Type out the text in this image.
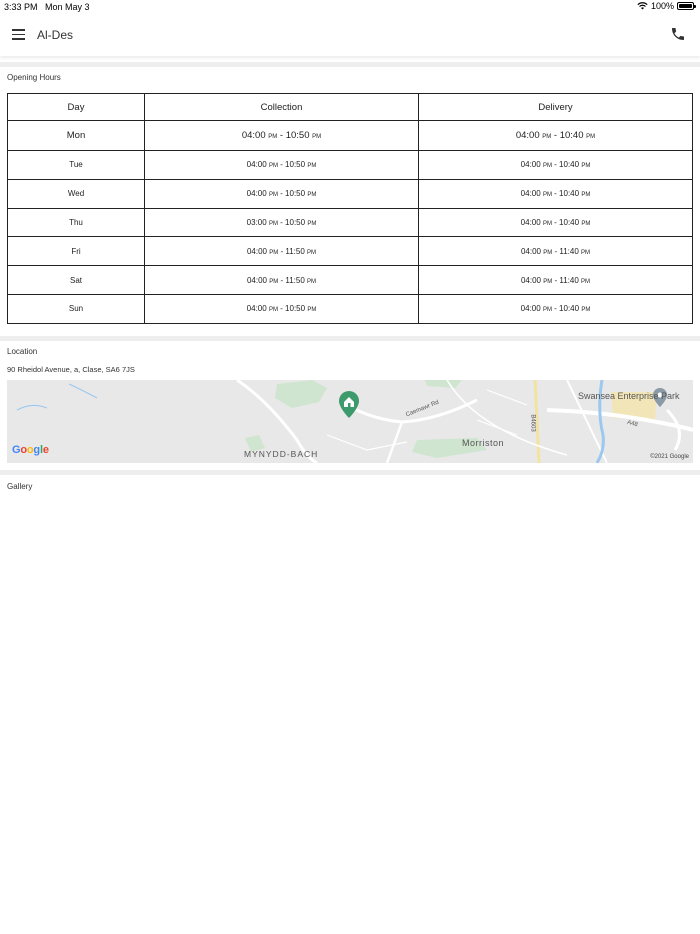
3:33 PM Mon May 3	100%
Al-Des
Opening Hours
Day	Collection	Delivery
Mon	04:00 PM - 10:50 PM	04:00 PM - 10:40 PM
Tue	04:00 PM - 10:50 PM	04:00 PM - 10:40 PM
Wed	04:00 PM - 10:50 PM	04:00 PM - 10:40 PM
Thu	03:00 PM - 10:50 PM	04:00 PM - 10:40 PM
Fri	04:00 PM - 11:50 PM	04:00 PM - 11:40 PM
Sat	04:00 PM - 11:50 PM	04:00 PM - 11:40 PM
Sun	04:00 PM - 10:50 PM	04:00 PM - 10:40 PM
Location
90 Rheidol Avenue, a, Clase, SA6 7JS
Swansea Enterprise Park
Morriston
MYNYDD-BACH
Caemawr Rd
B4603	A48
Google
©2021 Google
Gallery
